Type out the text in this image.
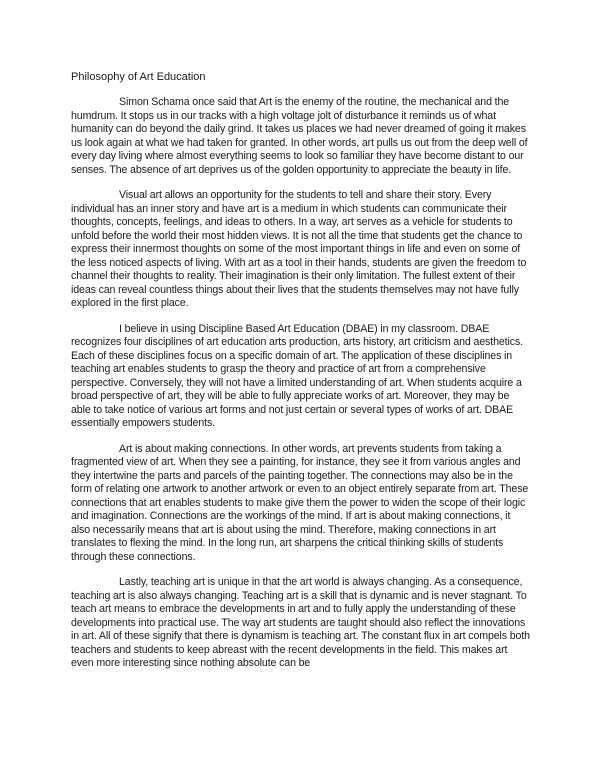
Philosophy of Art Education

Simon Schama once said that Art is the enemy of the routine, the mechanical and the humdrum. It stops us in our tracks with a high voltage jolt of disturbance it reminds us of what humanity can do beyond the daily grind. It takes us places we had never dreamed of going it makes us look again at what we had taken for granted. In other words, art pulls us out from the deep well of every day living where almost everything seems to look so familiar they have become distant to our senses. The absence of art deprives us of the golden opportunity to appreciate the beauty in life.

Visual art allows an opportunity for the students to tell and share their story. Every individual has an inner story and have art is a medium in which students can communicate their thoughts, concepts, feelings, and ideas to others. In a way, art serves as a vehicle for students to unfold before the world their most hidden views. It is not all the time that students get the chance to express their innermost thoughts on some of the most important things in life and even on some of the less noticed aspects of living. With art as a tool in their hands, students are given the freedom to channel their thoughts to reality. Their imagination is their only limitation. The fullest extent of their ideas can reveal countless things about their lives that the students themselves may not have fully explored in the first place.

I believe in using Discipline Based Art Education (DBAE) in my classroom. DBAE recognizes four disciplines of art education arts production, arts history, art criticism and aesthetics. Each of these disciplines focus on a specific domain of art. The application of these disciplines in teaching art enables students to grasp the theory and practice of art from a comprehensive perspective. Conversely, they will not have a limited understanding of art. When students acquire a broad perspective of art, they will be able to fully appreciate works of art. Moreover, they may be able to take notice of various art forms and not just certain or several types of works of art. DBAE essentially empowers students.

Art is about making connections. In other words, art prevents students from taking a fragmented view of art. When they see a painting, for instance, they see it from various angles and they intertwine the parts and parcels of the painting together. The connections may also be in the form of relating one artwork to another artwork or even to an object entirely separate from art. These connections that art enables students to make give them the power to widen the scope of their logic and imagination. Connections are the workings of the mind. If art is about making connections, it also necessarily means that art is about using the mind. Therefore, making connections in art translates to flexing the mind. In the long run, art sharpens the critical thinking skills of students through these connections.

Lastly, teaching art is unique in that the art world is always changing. As a consequence, teaching art is also always changing. Teaching art is a skill that is dynamic and is never stagnant. To teach art means to embrace the developments in art and to fully apply the understanding of these developments into practical use. The way art students are taught should also reflect the innovations in art. All of these signify that there is dynamism is teaching art. The constant flux in art compels both teachers and students to keep abreast with the recent developments in the field. This makes art even more interesting since nothing absolute can be
